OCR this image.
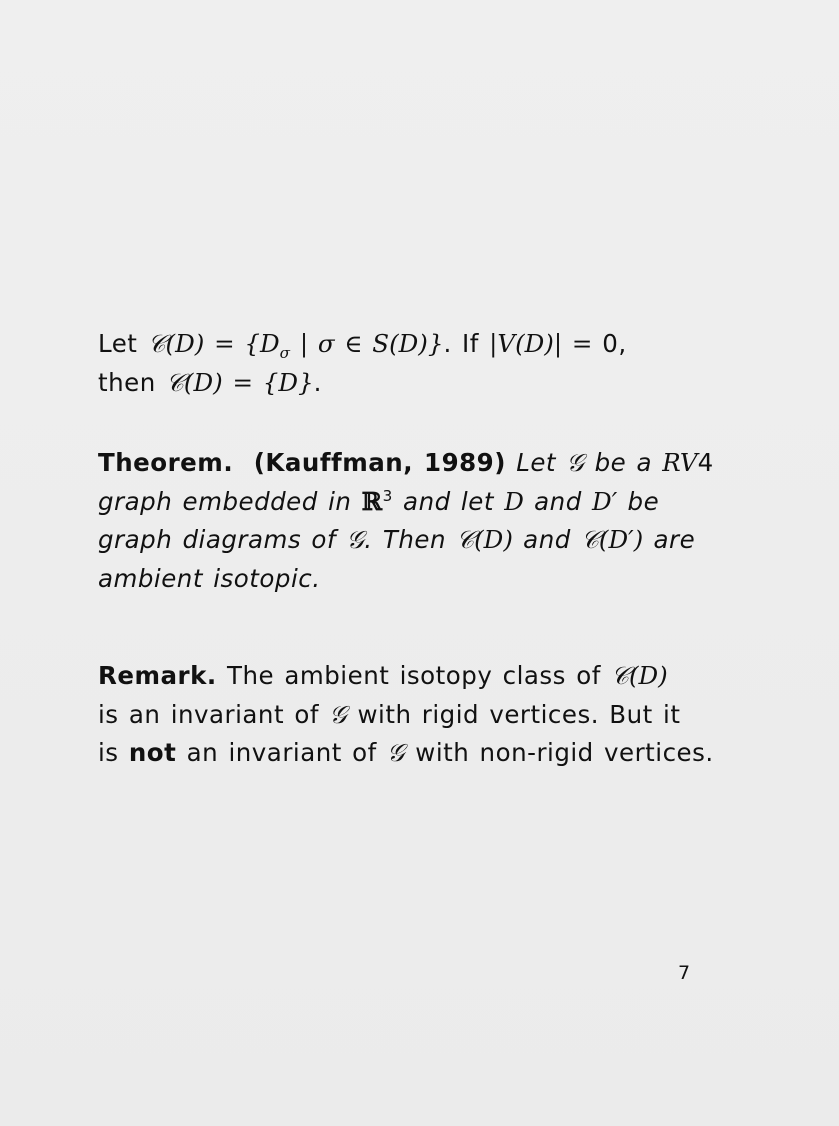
Let 𝒞(D) = {$D_\sigma$ | σ ∈ S(D)}. If |V(D)| = 0,
then 𝒞(D) = {D}.
Theorem. (Kauffman, 1989) Let 𝒢 be a RV4
graph embedded in ℝ$^3$ and let D and D′ be
graph diagrams of 𝒢. Then 𝒞(D) and 𝒞(D′) are
ambient isotopic.
Remark. The ambient isotopy class of 𝒞(D)
is an invariant of 𝒢 with rigid vertices. But it
is not an invariant of 𝒢 with non-rigid vertices.
7
